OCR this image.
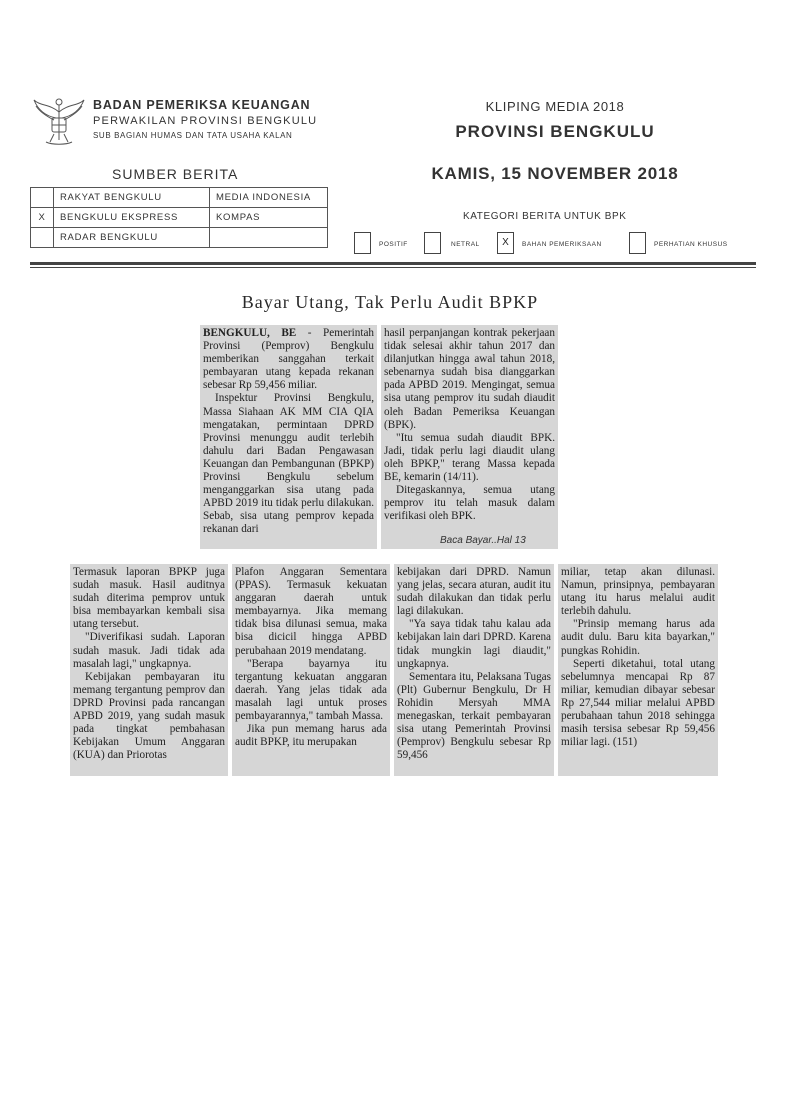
BADAN PEMERIKSA KEUANGAN
PERWAKILAN PROVINSI BENGKULU
SUB BAGIAN HUMAS DAN TATA USAHA KALAN
KLIPING MEDIA 2018
PROVINSI BENGKULU
KAMIS, 15 NOVEMBER 2018
SUMBER BERITA
	RAKYAT BENGKULU	MEDIA INDONESIA
X	BENGKULU EKSPRESS	KOMPAS
	RADAR BENGKULU	
KATEGORI BERITA UNTUK BPK
POSITIF	NETRAL	X	BAHAN PEMERIKSAAN	PERHATIAN KHUSUS
Bayar Utang, Tak Perlu Audit BPKP

BENGKULU, BE - Pemerintah Provinsi (Pemprov) Bengkulu memberikan sanggahan terkait pembayaran utang kepada rekanan sebesar Rp 59,456 miliar.

Inspektur Provinsi Bengkulu, Massa Siahaan AK MM CIA QIA mengatakan, permintaan DPRD Provinsi menunggu audit terlebih dahulu dari Badan Pengawasan Keuangan dan Pembangunan (BPKP) Provinsi Bengkulu sebelum menganggarkan sisa utang pada APBD 2019 itu tidak perlu dilakukan. Sebab, sisa utang pemprov kepada rekanan dari

hasil perpanjangan kontrak pekerjaan tidak selesai akhir tahun 2017 dan dilanjutkan hingga awal tahun 2018, sebenarnya sudah bisa dianggarkan pada APBD 2019. Mengingat, semua sisa utang pemprov itu sudah diaudit oleh Badan Pemeriksa Keuangan (BPK).

"Itu semua sudah diaudit BPK. Jadi, tidak perlu lagi diaudit ulang oleh BPKP," terang Massa kepada BE, kemarin (14/11).

Ditegaskannya, semua utang pemprov itu telah masuk dalam verifikasi oleh BPK.

Baca Bayar..Hal 13

Termasuk laporan BPKP juga sudah masuk. Hasil auditnya sudah diterima pemprov untuk bisa membayarkan kembali sisa utang tersebut.

"Diverifikasi sudah. Laporan sudah masuk. Jadi tidak ada masalah lagi," ungkapnya.

Kebijakan pembayaran itu memang tergantung pemprov dan DPRD Provinsi pada rancangan APBD 2019, yang sudah masuk pada tingkat pembahasan Kebijakan Umum Anggaran (KUA) dan Priorotas

Plafon Anggaran Sementara (PPAS). Termasuk kekuatan anggaran daerah untuk membayarnya. Jika memang tidak bisa dilunasi semua, maka bisa dicicil hingga APBD perubahaan 2019 mendatang.

"Berapa bayarnya itu tergantung kekuatan anggaran daerah. Yang jelas tidak ada masalah lagi untuk proses pembayarannya," tambah Massa.

Jika pun memang harus ada audit BPKP, itu merupakan

kebijakan dari DPRD. Namun yang jelas, secara aturan, audit itu sudah dilakukan dan tidak perlu lagi dilakukan.

"Ya saya tidak tahu kalau ada kebijakan lain dari DPRD. Karena tidak mungkin lagi diaudit," ungkapnya.

Sementara itu, Pelaksana Tugas (Plt) Gubernur Bengkulu, Dr H Rohidin Mersyah MMA menegaskan, terkait pembayaran sisa utang Pemerintah Provinsi (Pemprov) Bengkulu sebesar Rp 59,456

miliar, tetap akan dilunasi. Namun, prinsipnya, pembayaran utang itu harus melalui audit terlebih dahulu.

"Prinsip memang harus ada audit dulu. Baru kita bayarkan," pungkas Rohidin.

Seperti diketahui, total utang sebelumnya mencapai Rp 87 miliar, kemudian dibayar sebesar Rp 27,544 miliar melalui APBD perubahaan tahun 2018 sehingga masih tersisa sebesar Rp 59,456 miliar lagi. (151)
